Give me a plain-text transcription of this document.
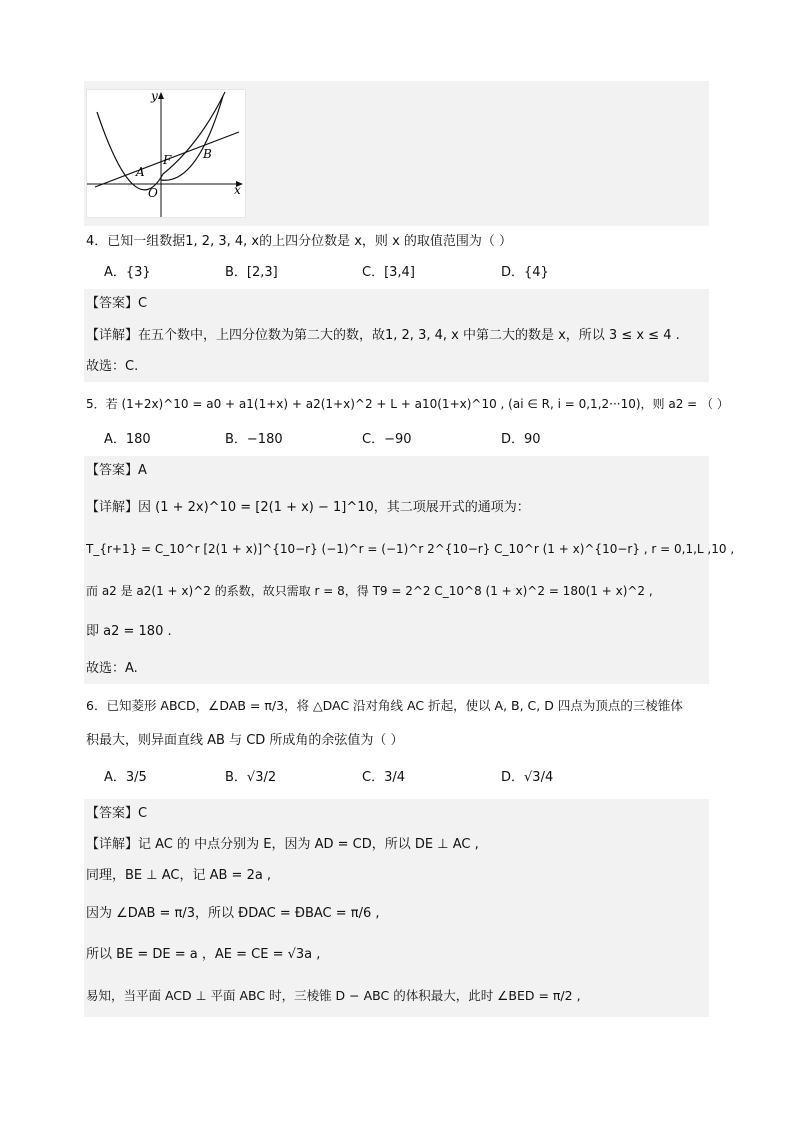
y
x
O
A
F	B
4．已知一组数据1, 2, 3, 4, x的上四分位数是 x，则 x 的取值范围为（ ）
A．{3}	B．[2,3]	C．[3,4]	D．{4}
【答案】C
【详解】在五个数中，上四分位数为第二大的数，故1, 2, 3, 4, x 中第二大的数是 x，所以 3 ≤ x ≤ 4 .
故选：C.
5．若 (1+2x)^10 = a0 + a1(1+x) + a2(1+x)^2 + L + a10(1+x)^10 , (ai ∈ R, i = 0,1,2···10)，则 a2 = （ ）
A．180	B．−180	C．−90	D．90
【答案】A
【详解】因 (1 + 2x)^10 = [2(1 + x) − 1]^10，其二项展开式的通项为：
T_{r+1} = C_10^r [2(1 + x)]^{10−r} (−1)^r = (−1)^r 2^{10−r} C_10^r (1 + x)^{10−r} , r = 0,1,L ,10 ,
而 a2 是 a2(1 + x)^2 的系数，故只需取 r = 8，得 T9 = 2^2 C_10^8 (1 + x)^2 = 180(1 + x)^2 ,
即 a2 = 180 .
故选：A.
6．已知菱形 ABCD，∠DAB = π/3，将 △DAC 沿对角线 AC 折起，使以 A, B, C, D 四点为顶点的三棱锥体
积最大，则异面直线 AB 与 CD 所成角的余弦值为（ ）
A．3/5	B．√3/2	C．3/4	D．√3/4
【答案】C
【详解】记 AC 的 中点分别为 E，因为 AD = CD，所以 DE ⊥ AC ,
同理，BE ⊥ AC，记 AB = 2a ,
因为 ∠DAB = π/3，所以 ÐDAC = ÐBAC = π/6 ,
所以 BE = DE = a ，AE = CE = √3a ,
易知，当平面 ACD ⊥ 平面 ABC 时，三棱锥 D − ABC 的体积最大，此时 ∠BED = π/2 ,
